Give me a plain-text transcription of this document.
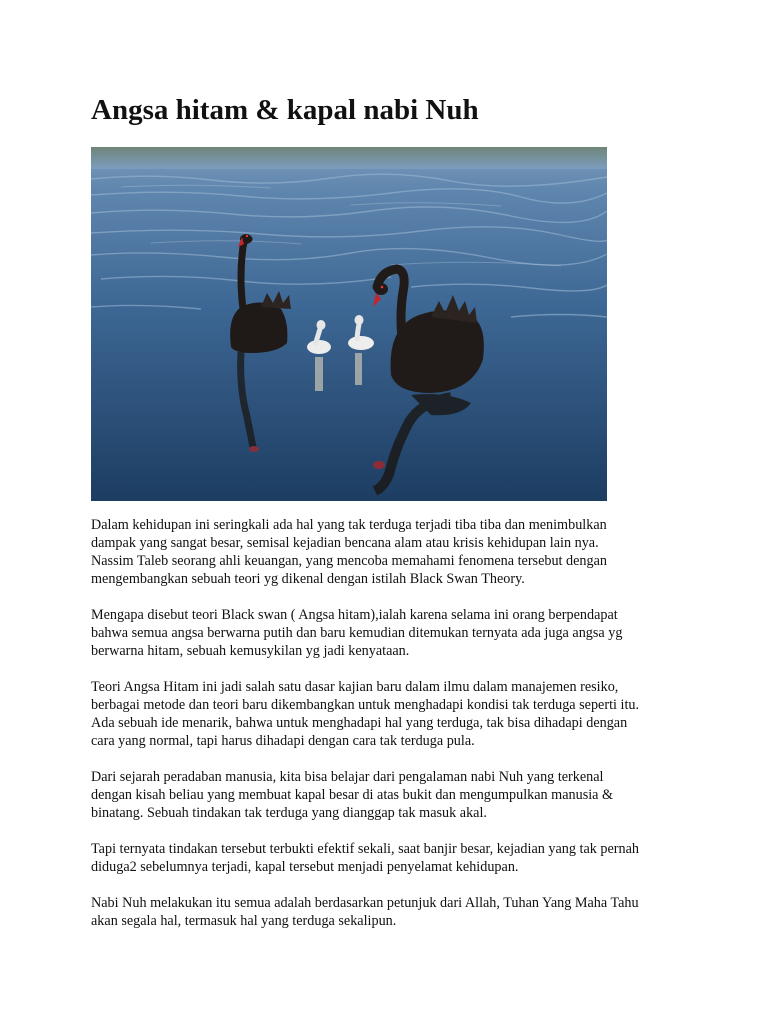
Angsa hitam & kapal nabi Nuh

Dalam kehidupan ini seringkali ada hal yang tak terduga terjadi tiba tiba dan menimbulkan
dampak yang sangat besar, semisal kejadian bencana alam atau krisis kehidupan lain nya.
Nassim Taleb seorang ahli keuangan, yang mencoba memahami fenomena tersebut dengan
mengembangkan sebuah teori yg dikenal dengan istilah Black Swan Theory.

Mengapa disebut teori Black swan ( Angsa hitam),ialah karena selama ini orang berpendapat
bahwa semua angsa berwarna putih dan baru kemudian ditemukan ternyata ada juga angsa yg
berwarna hitam, sebuah kemusykilan yg jadi kenyataan.

Teori Angsa Hitam ini jadi salah satu dasar kajian baru dalam ilmu dalam manajemen resiko,
berbagai metode dan teori baru dikembangkan untuk menghadapi kondisi tak terduga seperti itu.
Ada sebuah ide menarik, bahwa untuk menghadapi hal yang terduga, tak bisa dihadapi dengan
cara yang normal, tapi harus dihadapi dengan cara tak terduga pula.

Dari sejarah peradaban manusia, kita bisa belajar dari pengalaman nabi Nuh yang terkenal
dengan kisah beliau yang membuat kapal besar di atas bukit dan mengumpulkan manusia &
binatang. Sebuah tindakan tak terduga yang dianggap tak masuk akal.

Tapi ternyata tindakan tersebut terbukti efektif sekali, saat banjir besar, kejadian yang tak pernah
diduga2 sebelumnya terjadi, kapal tersebut menjadi penyelamat kehidupan.

Nabi Nuh melakukan itu semua adalah berdasarkan petunjuk dari Allah, Tuhan Yang Maha Tahu
akan segala hal, termasuk hal yang terduga sekalipun.
